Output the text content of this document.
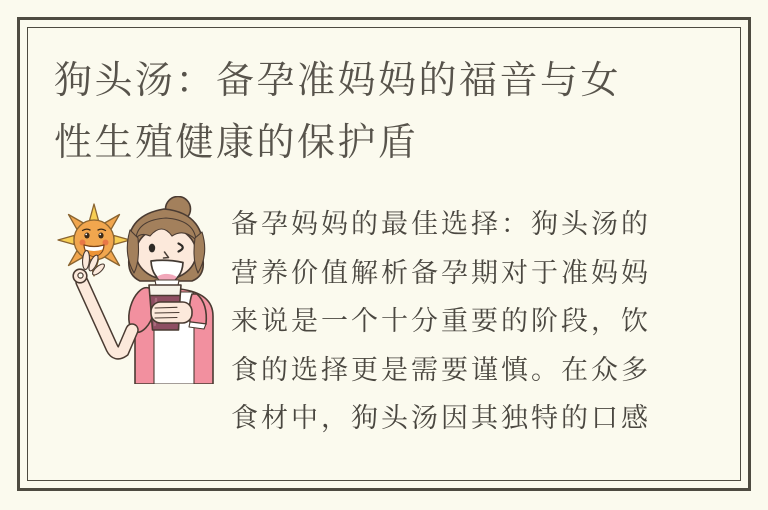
狗头汤：备孕准妈妈的福音与女性生殖健康的保护盾

备孕妈妈的最佳选择：狗头汤的营养价值解析备孕期对于准妈妈来说是一个十分重要的阶段，饮食的选择更是需要谨慎。在众多食材中，狗头汤因其独特的口感
